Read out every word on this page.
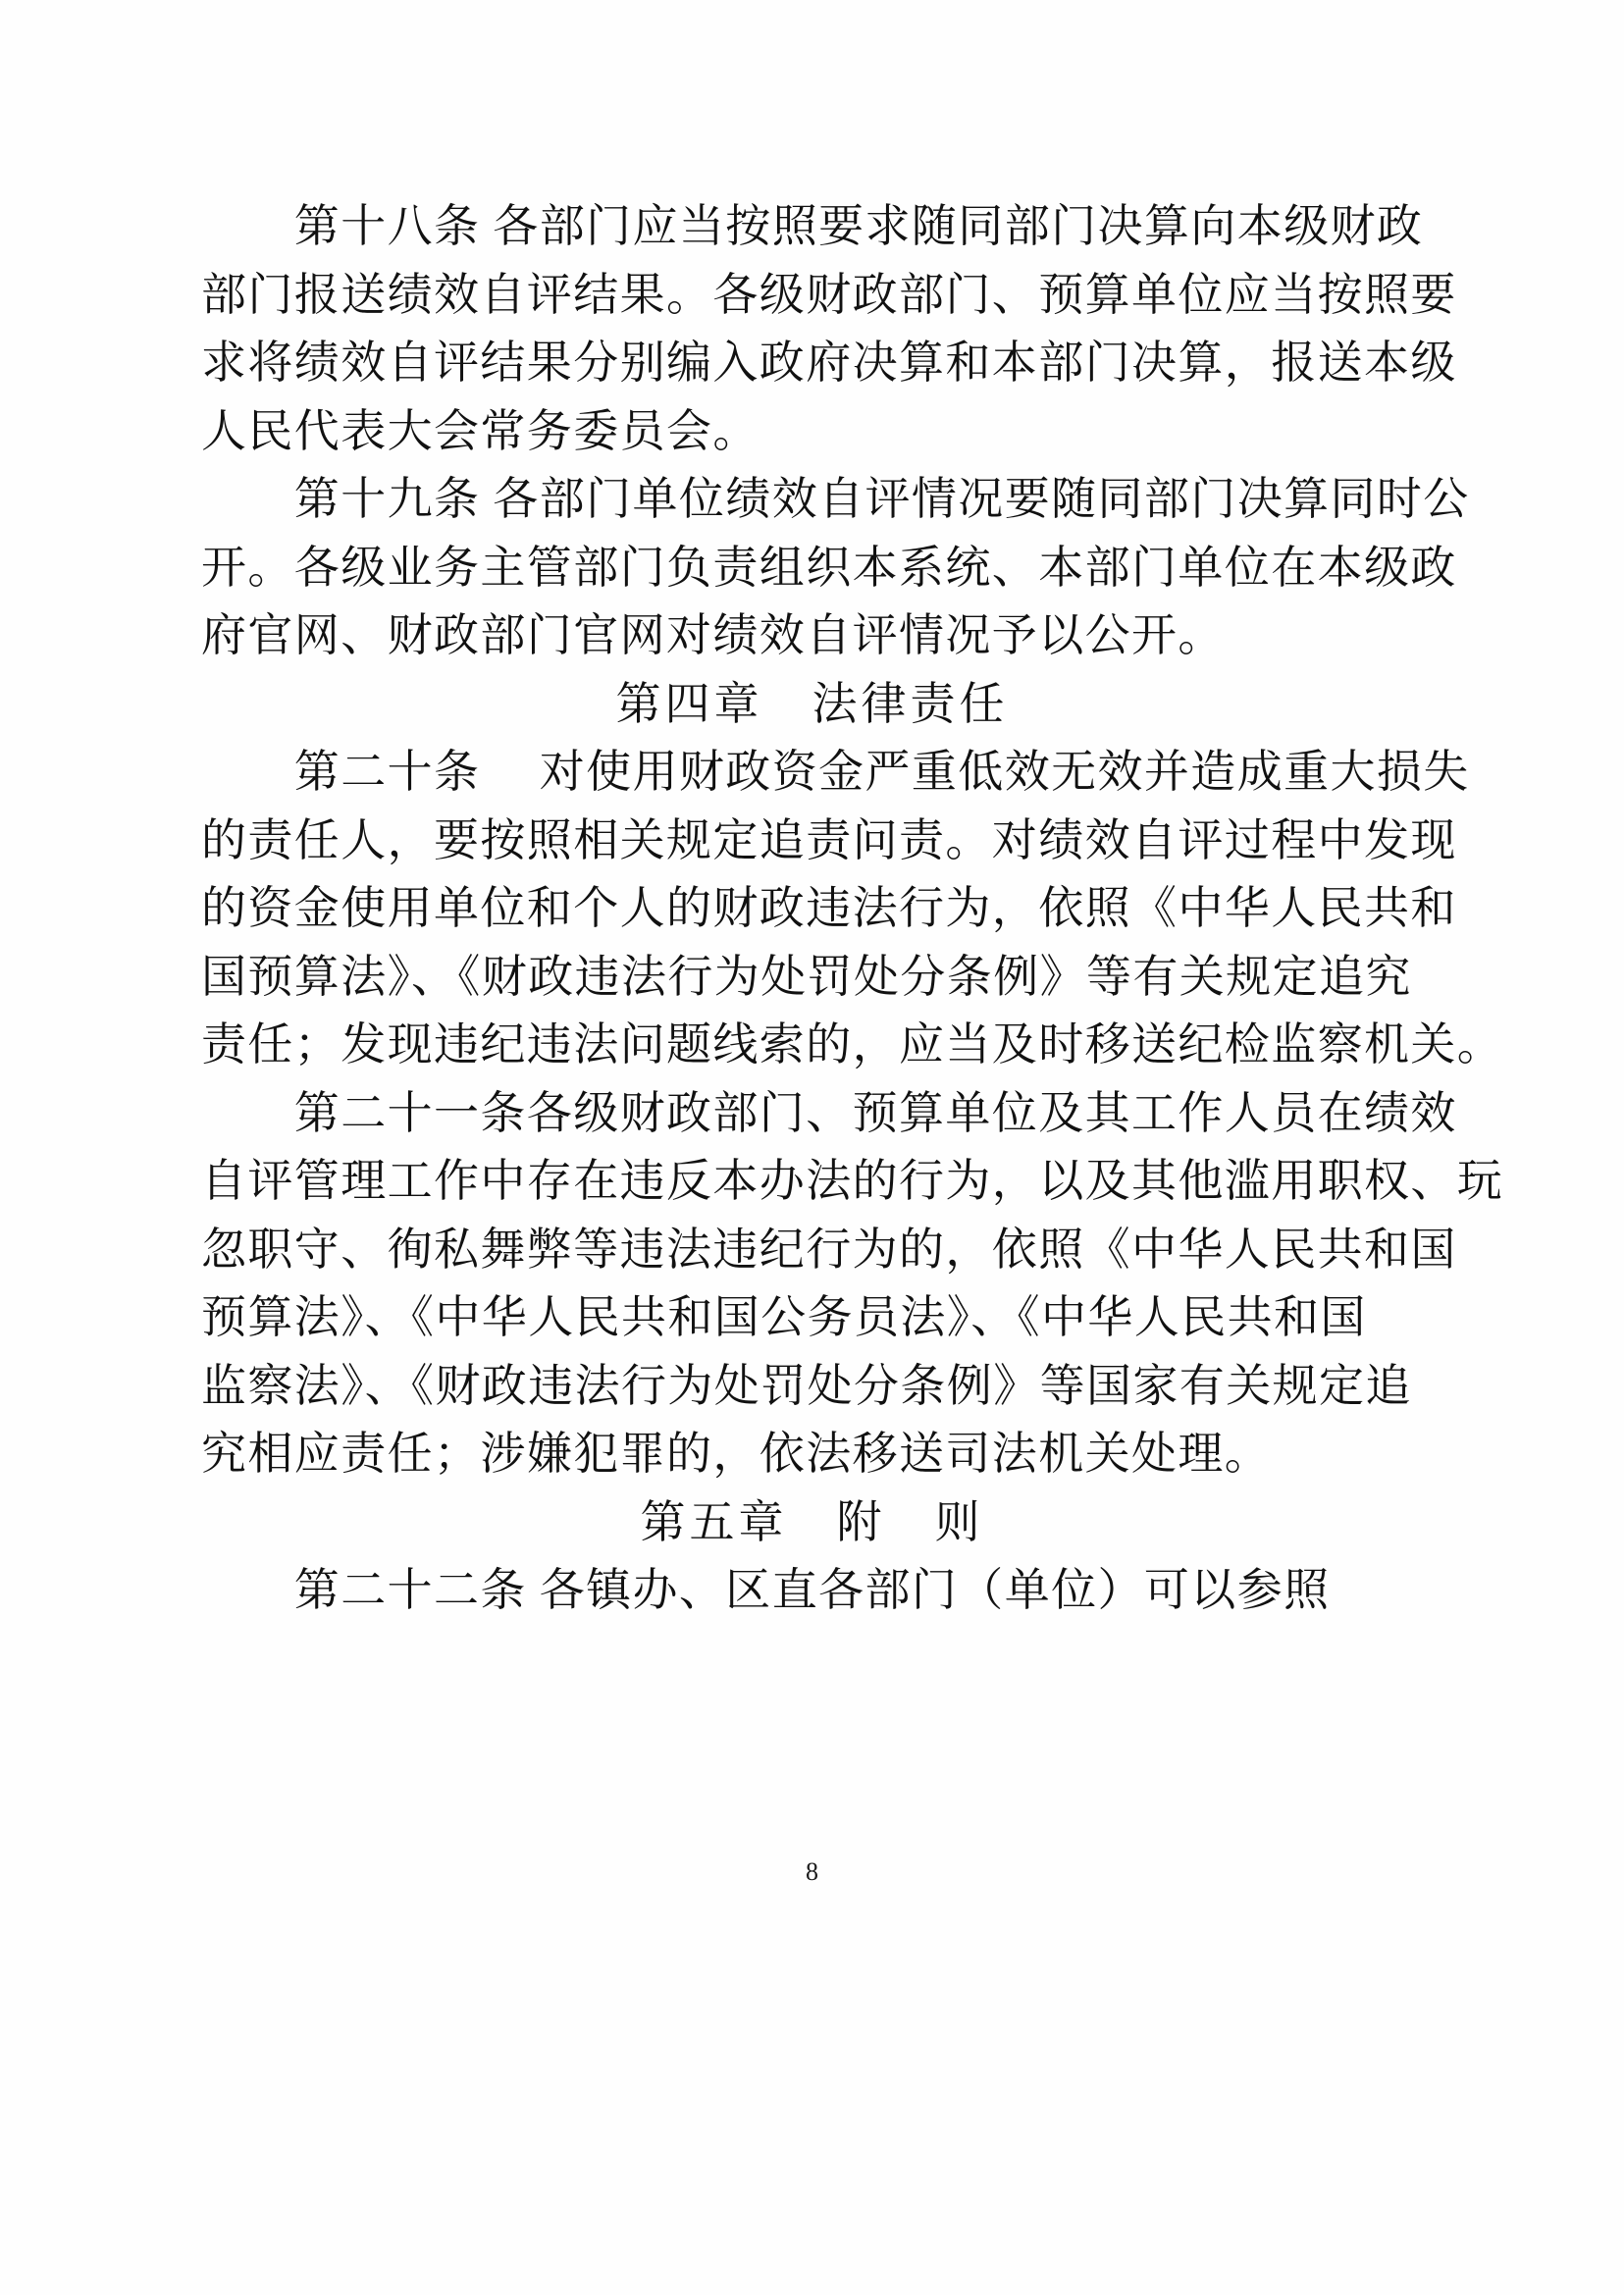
　　第十八条 各部门应当按照要求随同部门决算向本级财政
部门报送绩效自评结果。各级财政部门、预算单位应当按照要
求将绩效自评结果分别编入政府决算和本部门决算，报送本级
人民代表大会常务委员会。
　　第十九条 各部门单位绩效自评情况要随同部门决算同时公
开。各级业务主管部门负责组织本系统、本部门单位在本级政
府官网、财政部门官网对绩效自评情况予以公开。
第四章　法律责任
　　第二十条　 对使用财政资金严重低效无效并造成重大损失
的责任人，要按照相关规定追责问责。对绩效自评过程中发现
的资金使用单位和个人的财政违法行为，依照《中华人民共和
国预算法》、《财政违法行为处罚处分条例》等有关规定追究
责任；发现违纪违法问题线索的，应当及时移送纪检监察机关。
　　第二十一条各级财政部门、预算单位及其工作人员在绩效
自评管理工作中存在违反本办法的行为，以及其他滥用职权、玩
忽职守、徇私舞弊等违法违纪行为的，依照《中华人民共和国
预算法》、《中华人民共和国公务员法》、《中华人民共和国
监察法》、《财政违法行为处罚处分条例》等国家有关规定追
究相应责任；涉嫌犯罪的，依法移送司法机关处理。
第五章　附　则
　　第二十二条 各镇办、区直各部门（单位）可以参照
8
